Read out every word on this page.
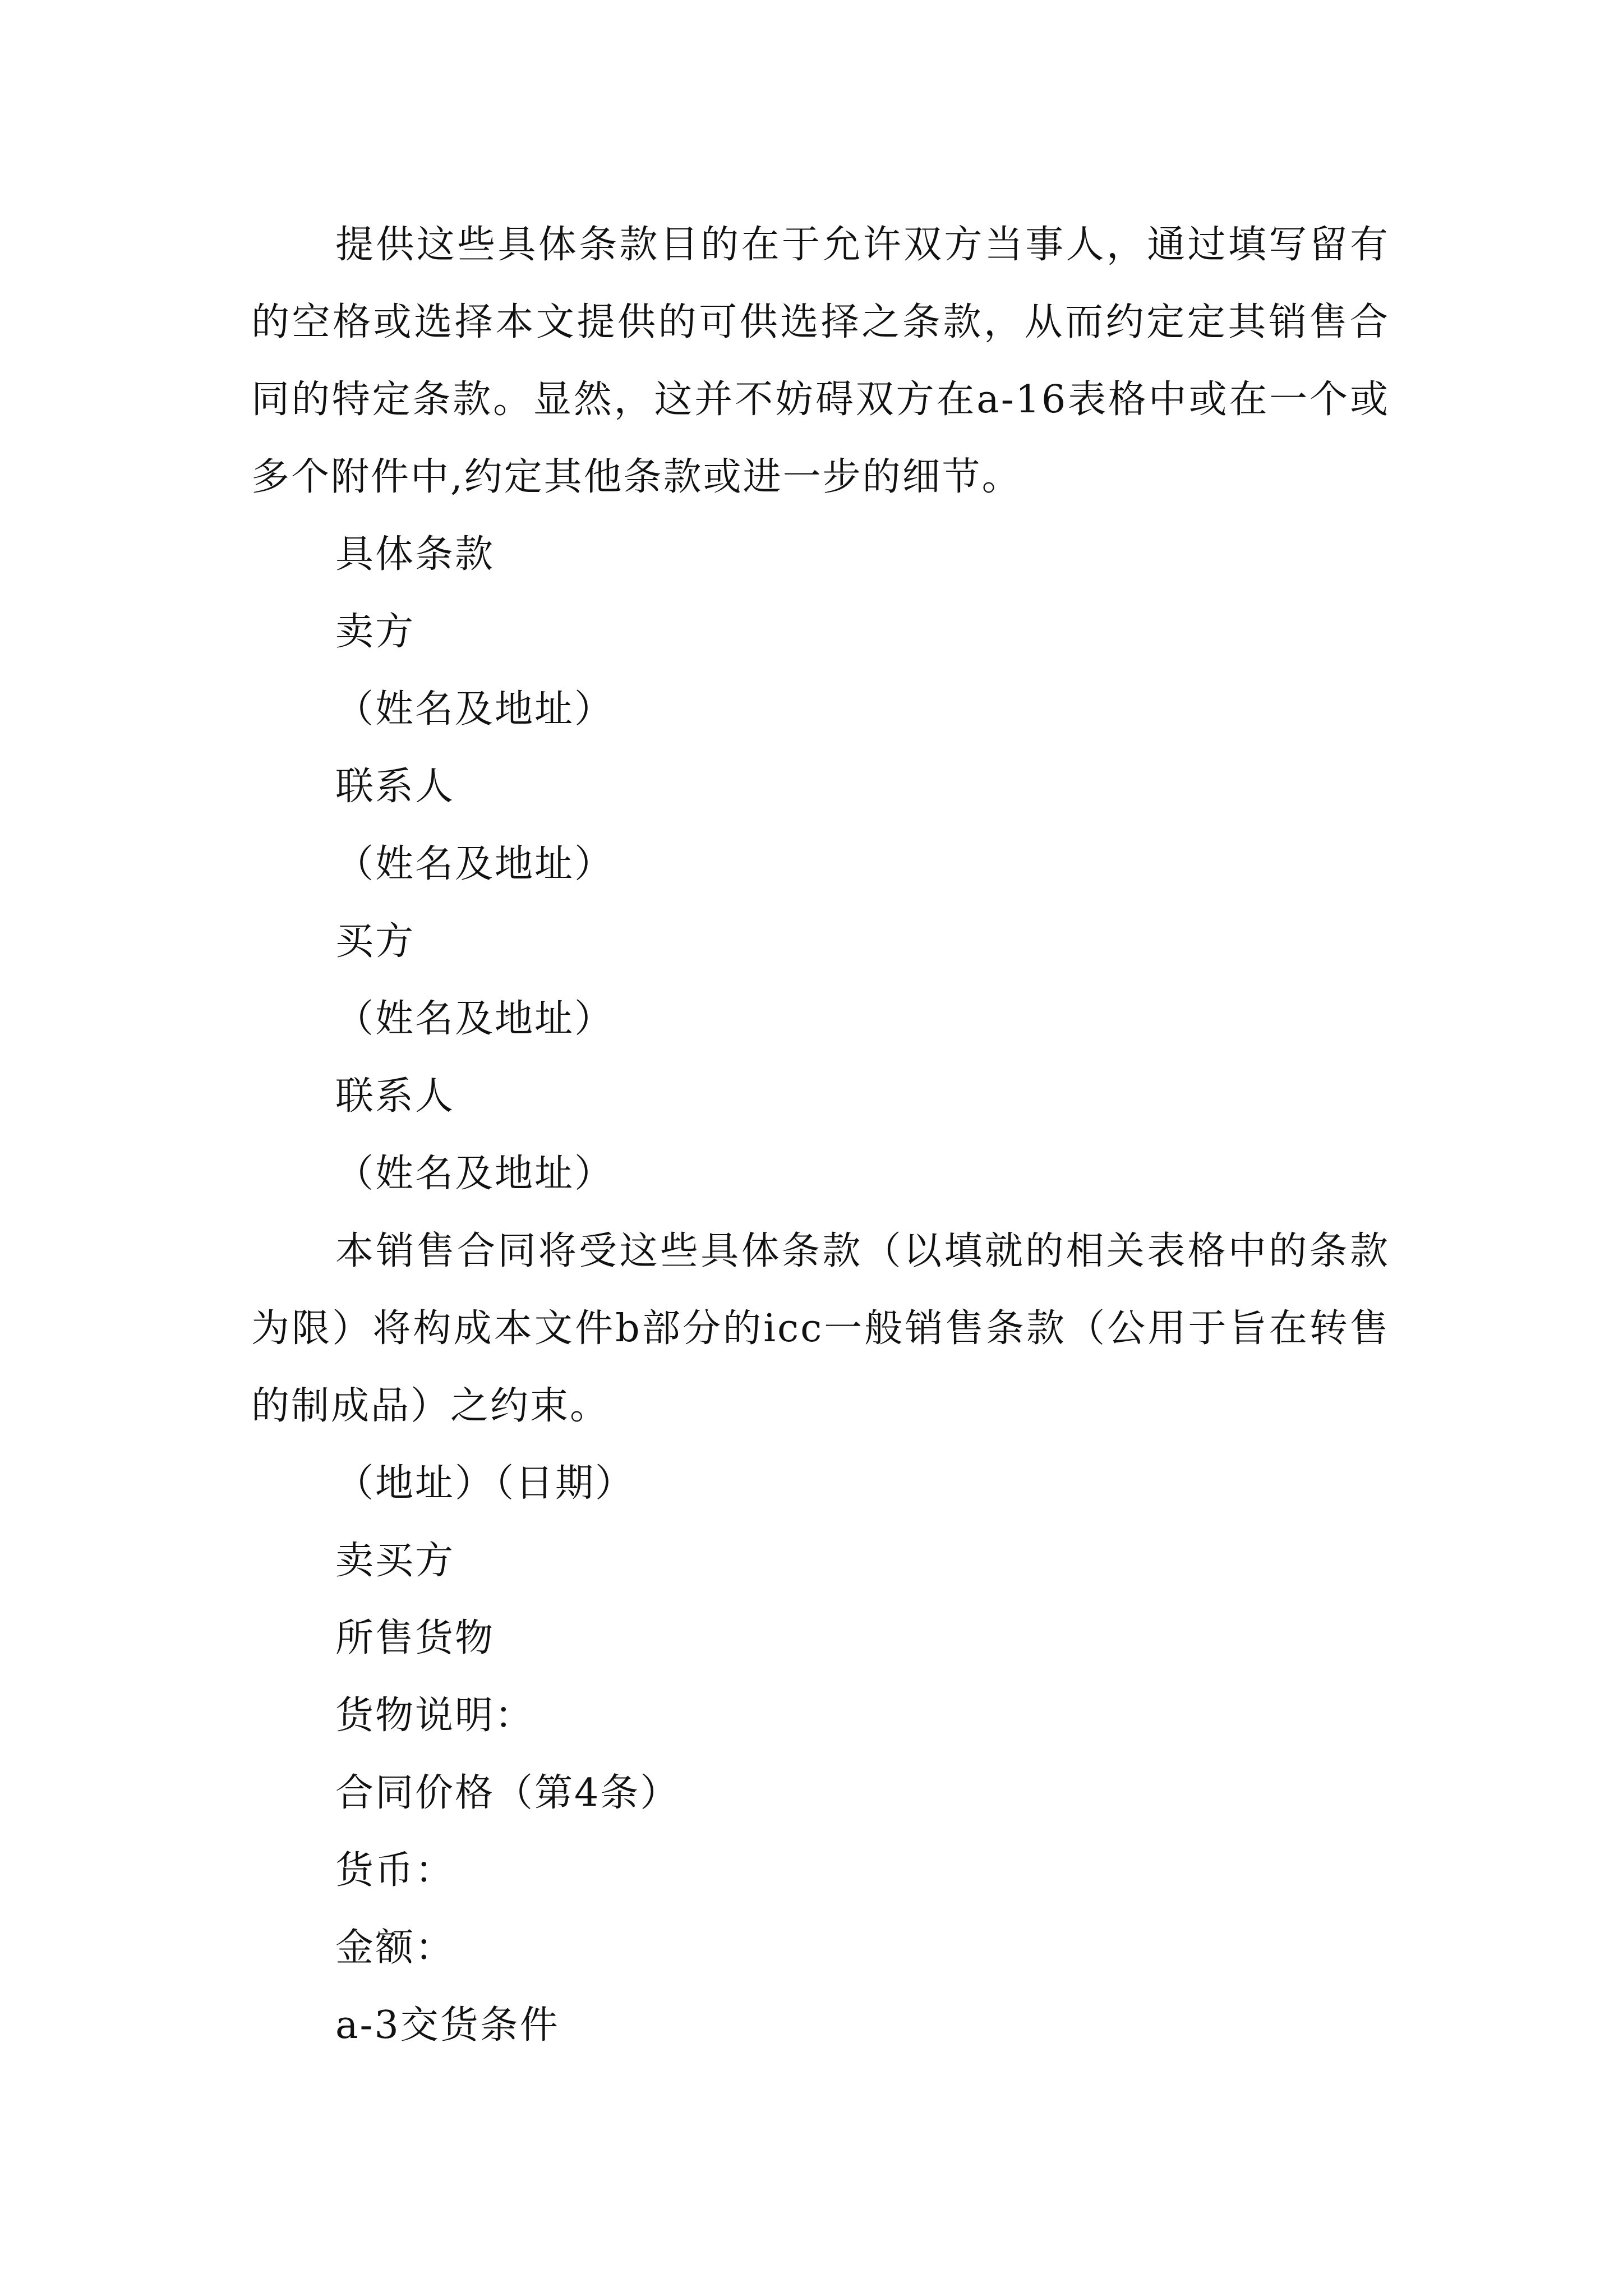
提供这些具体条款目的在于允许双方当事人，通过填写留有的空格或选择本文提供的可供选择之条款，从而约定定其销售合同的特定条款。显然，这并不妨碍双方在a-16表格中或在一个或多个附件中,约定其他条款或进一步的细节。

具体条款

卖方

（姓名及地址）

联系人

（姓名及地址）

买方

（姓名及地址）

联系人

（姓名及地址）

本销售合同将受这些具体条款（以填就的相关表格中的条款为限）将构成本文件b部分的icc一般销售条款（公用于旨在转售的制成品）之约束。

（地址）（日期）

卖买方

所售货物

货物说明：

合同价格（第4条）

货币：

金额：

a-3交货条件
